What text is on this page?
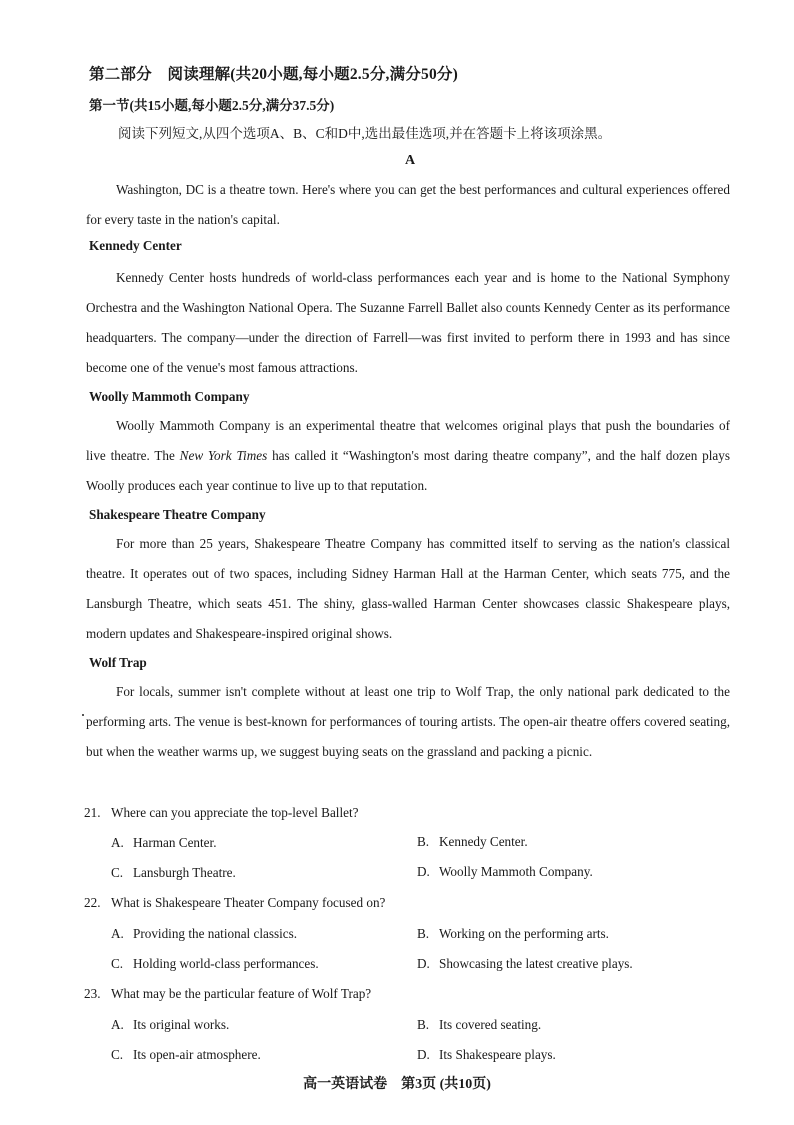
第二部分　阅读理解(共20小题,每小题2.5分,满分50分)
第一节(共15小题,每小题2.5分,满分37.5分)
阅读下列短文,从四个选项A、B、C和D中,选出最佳选项,并在答题卡上将该项涂黑。
A
Washington, DC is a theatre town. Here's where you can get the best performances and cultural experiences offered for every taste in the nation's capital.
Kennedy Center
Kennedy Center hosts hundreds of world-class performances each year and is home to the National Symphony Orchestra and the Washington National Opera. The Suzanne Farrell Ballet also counts Kennedy Center as its performance headquarters. The company—under the direction of Farrell—was first invited to perform there in 1993 and has since become one of the venue's most famous attractions.
Woolly Mammoth Company
Woolly Mammoth Company is an experimental theatre that welcomes original plays that push the boundaries of live theatre. The New York Times has called it “Washington's most daring theatre company”, and the half dozen plays Woolly produces each year continue to live up to that reputation.
Shakespeare Theatre Company
For more than 25 years, Shakespeare Theatre Company has committed itself to serving as the nation's classical theatre. It operates out of two spaces, including Sidney Harman Hall at the Harman Center, which seats 775, and the Lansburgh Theatre, which seats 451. The shiny, glass-walled Harman Center showcases classic Shakespeare plays, modern updates and Shakespeare-inspired original shows.
Wolf Trap
For locals, summer isn't complete without at least one trip to Wolf Trap, the only national park dedicated to the performing arts. The venue is best-known for performances of touring artists. The open-air theatre offers covered seating, but when the weather warms up, we suggest buying seats on the grassland and packing a picnic.
21. Where can you appreciate the top-level Ballet?
A. Harman Center.	B. Kennedy Center.
C. Lansburgh Theatre.	D. Woolly Mammoth Company.
22. What is Shakespeare Theater Company focused on?
A. Providing the national classics.	B. Working on the performing arts.
C. Holding world-class performances.	D. Showcasing the latest creative plays.
23. What may be the particular feature of Wolf Trap?
A. Its original works.	B. Its covered seating.
C. Its open-air atmosphere.	D. Its Shakespeare plays.
高一英语试卷　第3页 (共10页)
